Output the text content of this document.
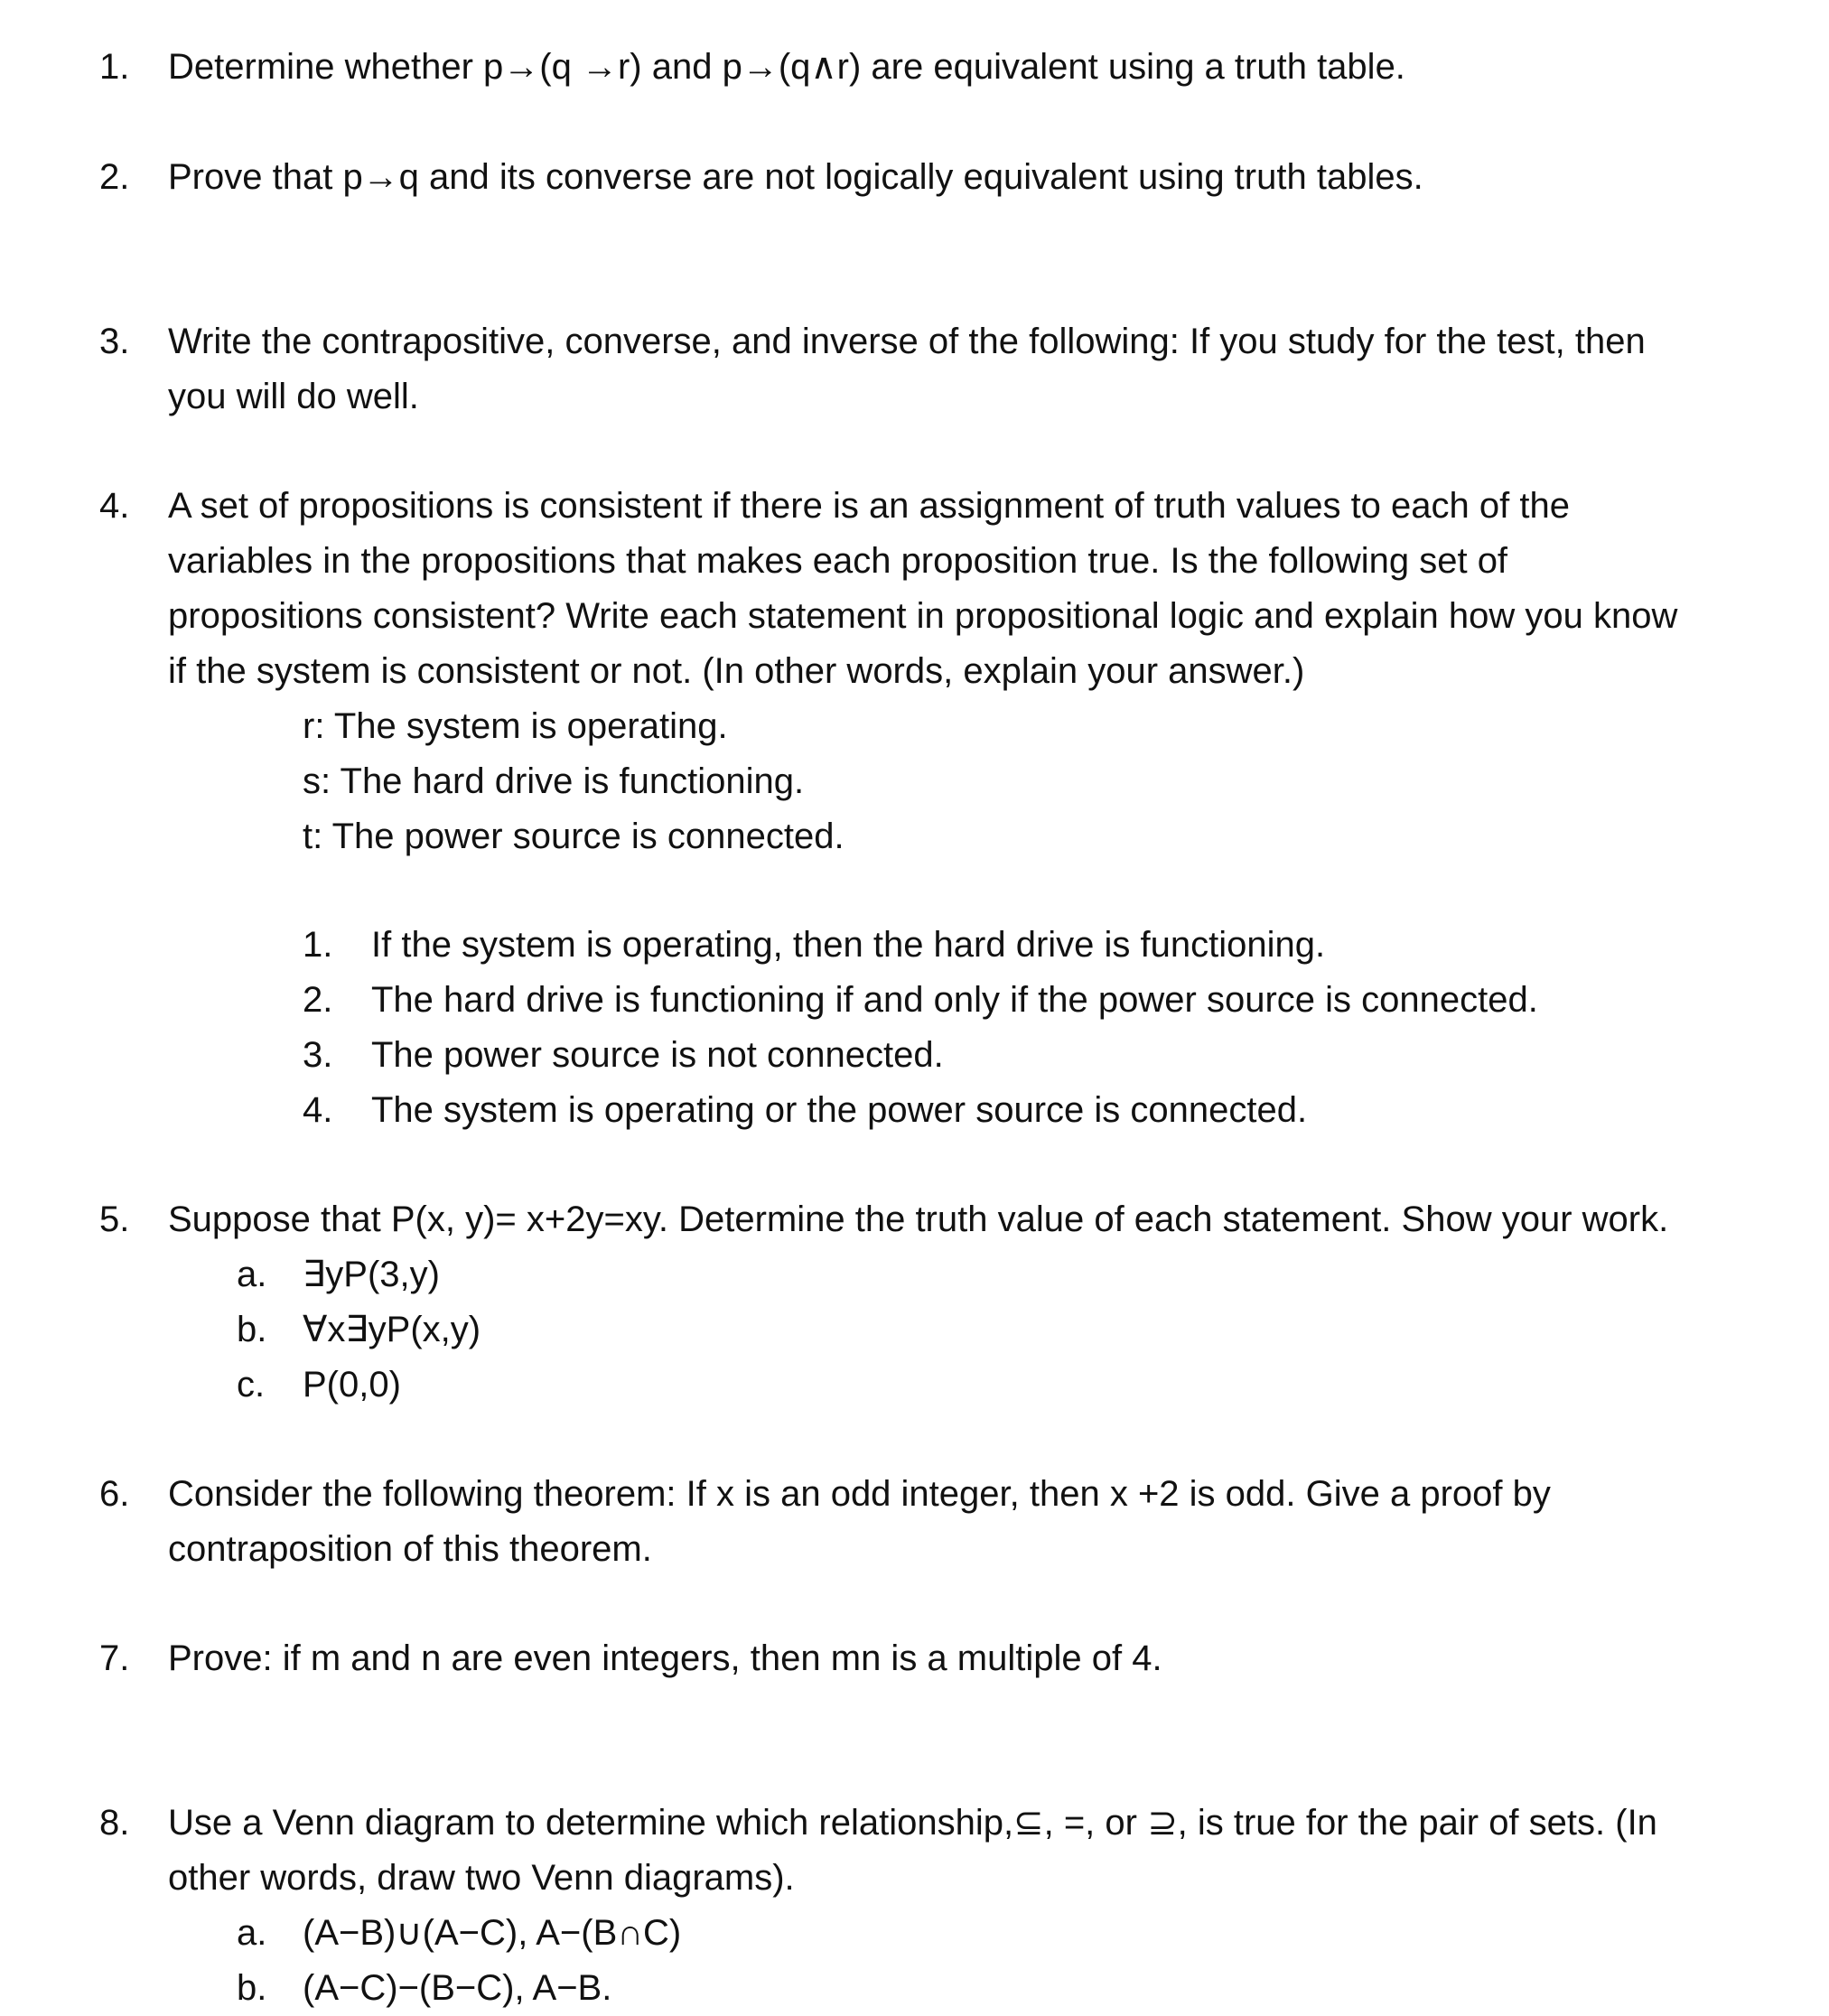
1. Determine whether p→(q →r) and p→(q∧r) are equivalent using a truth table.
2. Prove that p→q and its converse are not logically equivalent using truth tables.
3. Write the contrapositive, converse, and inverse of the following: If you study for the test, then
you will do well.
4. A set of propositions is consistent if there is an assignment of truth values to each of the
variables in the propositions that makes each proposition true. Is the following set of
propositions consistent? Write each statement in propositional logic and explain how you know
if the system is consistent or not. (In other words, explain your answer.)
r: The system is operating.
s: The hard drive is functioning.
t: The power source is connected.
1. If the system is operating, then the hard drive is functioning.
2. The hard drive is functioning if and only if the power source is connected.
3. The power source is not connected.
4. The system is operating or the power source is connected.
5. Suppose that P(x, y)= x+2y=xy. Determine the truth value of each statement. Show your work.
a. ∃yP(3,y)
b. ∀x∃yP(x,y)
c. P(0,0)
6. Consider the following theorem: If x is an odd integer, then x +2 is odd. Give a proof by
contraposition of this theorem.
7. Prove: if m and n are even integers, then mn is a multiple of 4.
8. Use a Venn diagram to determine which relationship,⊆, =, or ⊇, is true for the pair of sets. (In
other words, draw two Venn diagrams).
a. (A−B)∪(A−C), A−(B∩C)
b. (A−C)−(B−C), A−B.
